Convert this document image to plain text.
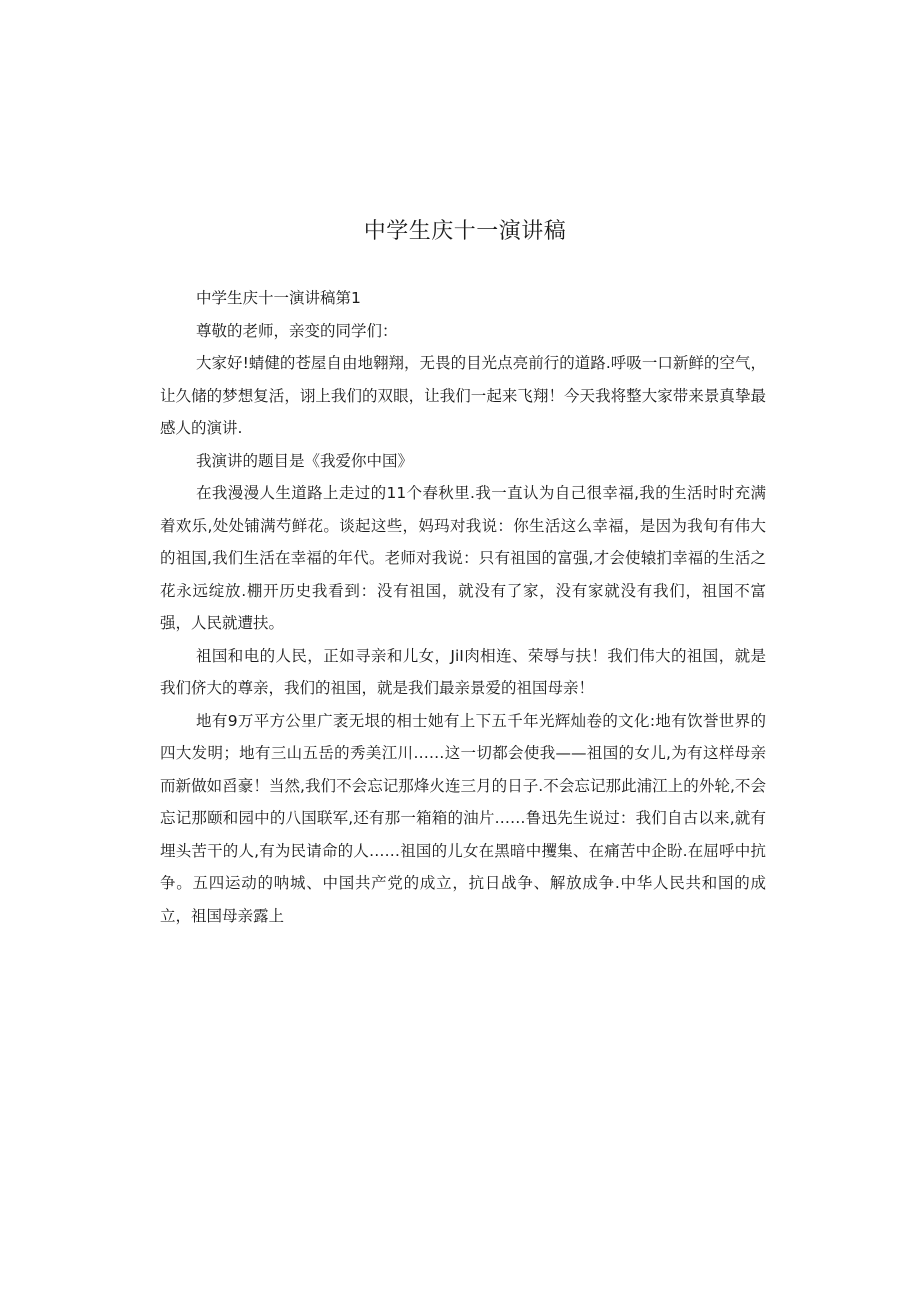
中学生庆十一演讲稿

中学生庆十一演讲稿第1

尊敬的老师，亲变的同学们：

大家好!蜻健的苍屋自由地翱翔，无畏的目光点亮前行的道路.呼吸一口新鲜的空气，让久储的梦想复活，诩上我们的双眼，让我们一起来飞翔！今天我将整大家带来景真挚最感人的演讲.

我演讲的题目是《我爱你中国》

在我漫漫人生道路上走过的11个春秋里.我一直认为自己很幸福,我的生活时时充满着欢乐,处处铺满芍鲜花。谈起这些，妈玛对我说：你生活这么幸福，是因为我旬有伟大的祖国,我们生活在幸福的年代。老师对我说：只有祖国的富强,才会使辕扪幸福的生活之花永远绽放.棚开历史我看到：没有祖国，就没有了家，没有家就没有我们，祖国不富强，人民就遭扶。

祖国和电的人民，正如寻亲和儿女，JiI肉相连、荣辱与扶！我们伟大的祖国，就是我们侪大的尊亲，我们的祖国，就是我们最亲景爱的祖国母亲！

地有9万平方公里广袤无垠的相士她有上下五千年光辉灿卷的文化:地有饮誉世界的四大发明；地有三山五岳的秀美江川……这一切都会使我——祖国的女儿,为有这样母亲而新做如舀豪！当然,我们不会忘记那烽火连三月的日子.不会忘记那此浦江上的外轮,不会忘记那颐和园中的八国联军,还有那一箱箱的油片……鲁迅先生说过：我们自古以来,就有埋头苦干的人,有为民请命的人……祖国的儿女在黑暗中攫集、在痛苦中企盼.在屈呼中抗争。五四运动的呐城、中国共产党的成立，抗日战争、解放成争.中华人民共和国的成立，祖国母亲露上
